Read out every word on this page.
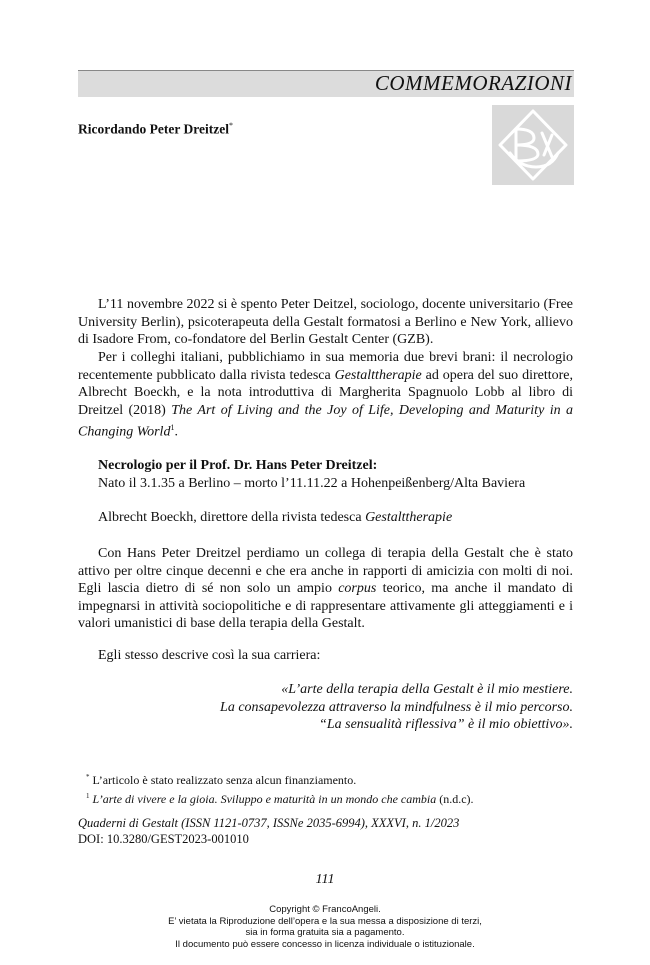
COMMEMORAZIONI
Ricordando Peter Dreitzel*
L’11 novembre 2022 si è spento Peter Deitzel, sociologo, docente universitario (Free University Berlin), psicoterapeuta della Gestalt formatosi a Berlino e New York, allievo di Isadore From, co-fondatore del Berlin Gestalt Center (GZB).
Per i colleghi italiani, pubblichiamo in sua memoria due brevi brani: il necrologio recentemente pubblicato dalla rivista tedesca Gestalttherapie ad opera del suo direttore, Albrecht Boeckh, e la nota introduttiva di Margherita Spagnuolo Lobb al libro di Dreitzel (2018) The Art of Living and the Joy of Life, Developing and Maturity in a Changing World$^1$.
Necrologio per il Prof. Dr. Hans Peter Dreitzel:
Nato il 3.1.35 a Berlino – morto l’11.11.22 a Hohenpeißenberg/Alta Baviera
Albrecht Boeckh, direttore della rivista tedesca Gestalttherapie
Con Hans Peter Dreitzel perdiamo un collega di terapia della Gestalt che è stato attivo per oltre cinque decenni e che era anche in rapporti di amicizia con molti di noi. Egli lascia dietro di sé non solo un ampio corpus teorico, ma anche il mandato di impegnarsi in attività sociopolitiche e di rappresentare attivamente gli atteggiamenti e i valori umanistici di base della terapia della Gestalt.
Egli stesso descrive così la sua carriera:
«L’arte della terapia della Gestalt è il mio mestiere.
La consapevolezza attraverso la mindfulness è il mio percorso.
“La sensualità riflessiva” è il mio obiettivo».
* L’articolo è stato realizzato senza alcun finanziamento.
$^1$ L’arte di vivere e la gioia. Sviluppo e maturità in un mondo che cambia (n.d.c).
Quaderni di Gestalt (ISSN 1121-0737, ISSNe 2035-6994), XXXVI, n. 1/2023
DOI: 10.3280/GEST2023-001010
111
Copyright © FrancoAngeli.
E’ vietata la Riproduzione dell’opera e la sua messa a disposizione di terzi,
sia in forma gratuita sia a pagamento.
Il documento può essere concesso in licenza individuale o istituzionale.
